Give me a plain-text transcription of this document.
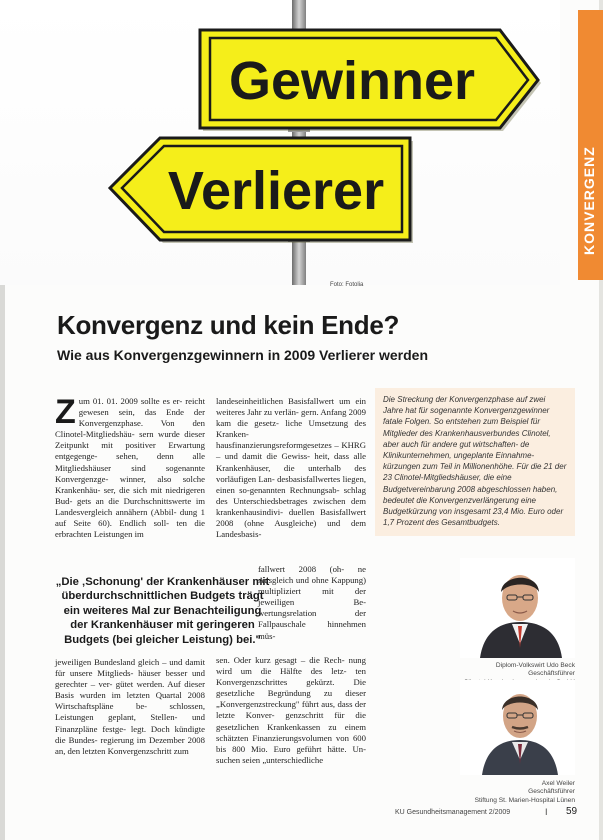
Gewinner
Verlierer
Foto: Fotolia
KONVERGENZ
Konvergenz und kein Ende?
Wie aus Konvergenzgewinnern in 2009 Verlierer werden
Z um 01. 01. 2009 sollte es er- reicht gewesen sein, das Ende der Konvergenzphase. Von den Clinotel-Mitgliedshäu- sern wurde dieser Zeitpunkt mit positiver Erwartung entgegenge- sehen, denn alle Mitgliedshäuser sind sogenannte Konvergenzge- winner, also solche Krankenhäu- ser, die sich mit niedrigeren Bud- gets an die Durchschnittswerte im Landesvergleich annähern (Abbil- dung 1 auf Seite 60). Endlich soll- ten die erbrachten Leistungen im

„Die ‚Schonung' der Krankenhäuser mit überdurchschnittlichen Budgets trägt ein weiteres Mal zur Benachteiligung der Krankenhäuser mit geringeren Budgets (bei gleicher Leistung) bei."

jeweiligen Bundesland gleich – und damit für unsere Mitglieds- häuser besser und gerechter – ver- gütet werden. Auf dieser Basis wurden im letzten Quartal 2008 Wirtschaftspläne be- schlossen, Leistungen geplant, Stellen- und Finanzpläne festge- legt. Doch kündigte die Bundes- regierung im Dezember 2008 an, den letzten Konvergenzschritt zum

landeseinheitlichen Basisfallwert um ein weiteres Jahr zu verlän- gern. Anfang 2009 kam die gesetz- liche Umsetzung des Kranken- hausfinanzierungsreformgesetzes – KHRG – und damit die Gewiss- heit, dass alle Krankenhäuser, die unterhalb des vorläufigen Lan- desbasisfallwertes liegen, einen so-genannten Rechnungsab- schlag des Unterschiedsbetrages zwischen dem krankenhausindivi- duellen Basisfallwert 2008 (ohne Ausgleiche) und dem Landesbasis-

fallwert 2008 (oh- ne Ausgleich und ohne Kappung) multipliziert mit der jeweiligen Be- wertungsrelation der Fallpauschale hinnehmen müs-

sen. Oder kurz gesagt – die Rech- nung wird um die Hälfte des letz- ten Konvergenzschrittes gekürzt. Die gesetzliche Begründung zu dieser „Konvergenzstreckung" führt aus, dass der letzte Konver- genzschritt für die gesetzlichen Krankenkassen zu einem schätzten Finanzierungsvolumen von 600 bis 800 Mio. Euro geführt hätte. Un- suchen seien „unterschiedliche

Die Streckung der Konvergenzphase auf zwei Jahre hat für sogenannte Konvergenzgewinner fatale Folgen. So entstehen zum Beispiel für Mitglieder des Krankenhausverbundes Clinotel, aber auch für andere gut wirtschaften- de Klinikunternehmen, ungeplante Einnahme- kürzungen zum Teil in Millionenhöhe. Für die 21 der 23 Clinotel-Mitgliedshäuser, die eine Budgetvereinbarung 2008 abgeschlossen haben, bedeutet die Konvergenzverlängerung eine Budgetkürzung von insgesamt 23,4 Mio. Euro oder 1,7 Prozent des Gesamtbudgets.

Diplom-Volkswirt Udo Beck
Geschäftsführer
Axel Weiler
Geschäftsführer
Stiftung St. Marien-Hospital Lünen
KU Gesundheitsmanagement 2/2009	I 59
